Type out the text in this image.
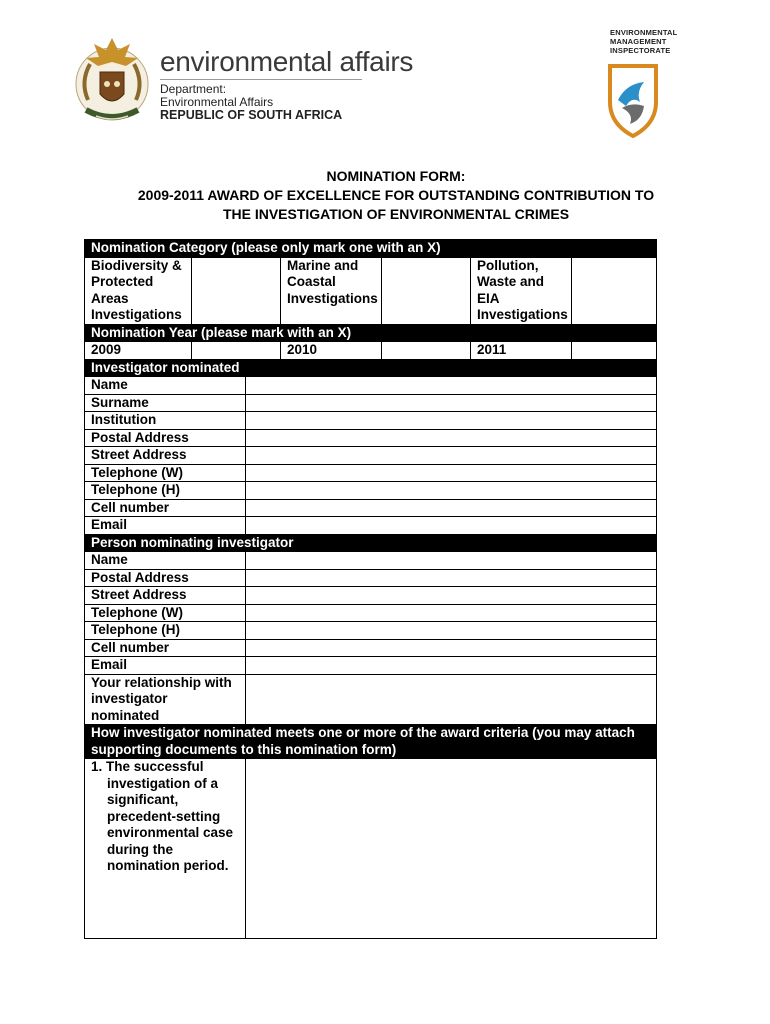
environmental affairs
Department:
Environmental Affairs
REPUBLIC OF SOUTH AFRICA
ENVIRONMENTAL
MANAGEMENT
INSPECTORATE
NOMINATION FORM:
2009-2011 AWARD OF EXCELLENCE FOR OUTSTANDING CONTRIBUTION TO
THE INVESTIGATION OF ENVIRONMENTAL CRIMES
Nomination Category (please only mark one with an X)						
Biodiversity & Protected Areas Investigations			Marine and Coastal Investigations		Pollution, Waste and EIA Investigations	
Nomination Year (please mark with an X)						
2009			2010		2011	
Investigator nominated						
Name						
Surname						
Institution						
Postal Address						
Street Address						
Telephone (W)						
Telephone (H)						
Cell number						
Email						
Person nominating investigator						
Name						
Postal Address						
Street Address						
Telephone (W)						
Telephone (H)						
Cell number						
Email						
Your relationship with investigator nominated						
How investigator nominated meets one or more of the award criteria (you may attach supporting documents to this nomination form)						
1. The successful investigation of a significant, precedent-setting environmental case during the nomination period.						
